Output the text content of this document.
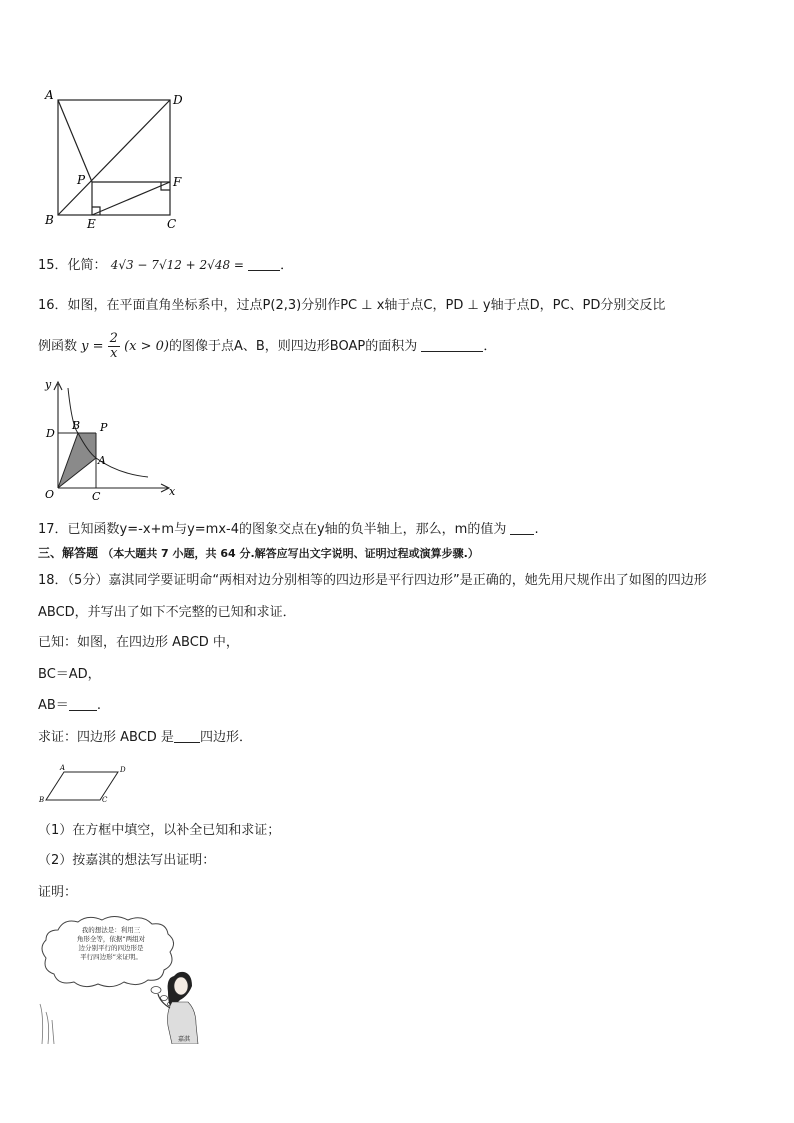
A	D
P	F
B	E	C
15．化简： 4√3 − 7√12 + 2√48 =	．
16．如图，在平面直角坐标系中，过点P(2,3)分别作PC ⊥ x轴于点C，PD ⊥ y轴于点D，PC、PD分别交反比
例函数 $y = \frac{2}{x} (x > 0)$的图像于点A、B，则四边形BOAP的面积为	．
y
D
B P
A
O	C	x
17．已知函数y=-x+m与y=mx-4的图象交点在y轴的负半轴上，那么，m的值为 .
三、解答题 （本大题共 7 小题，共 64 分.解答应写出文字说明、证明过程或演算步骤.）
18．（5分）嘉淇同学要证明命“两相对边分别相等的四边形是平行四边形”是正确的，她先用尺规作出了如图的四边形
ABCD，并写出了如下不完整的已知和求证．
已知：如图，在四边形 ABCD 中，
BC＝AD，
AB＝ .
求证：四边形 ABCD 是 四边形．
A	D
B	C
（1）在方框中填空，以补全已知和求证；
（2）按嘉淇的想法写出证明：
证明：
我的想法是：利用三
角形全等，依据“两组对
边分别平行的四边形是
平行四边形”来证明。
嘉淇
